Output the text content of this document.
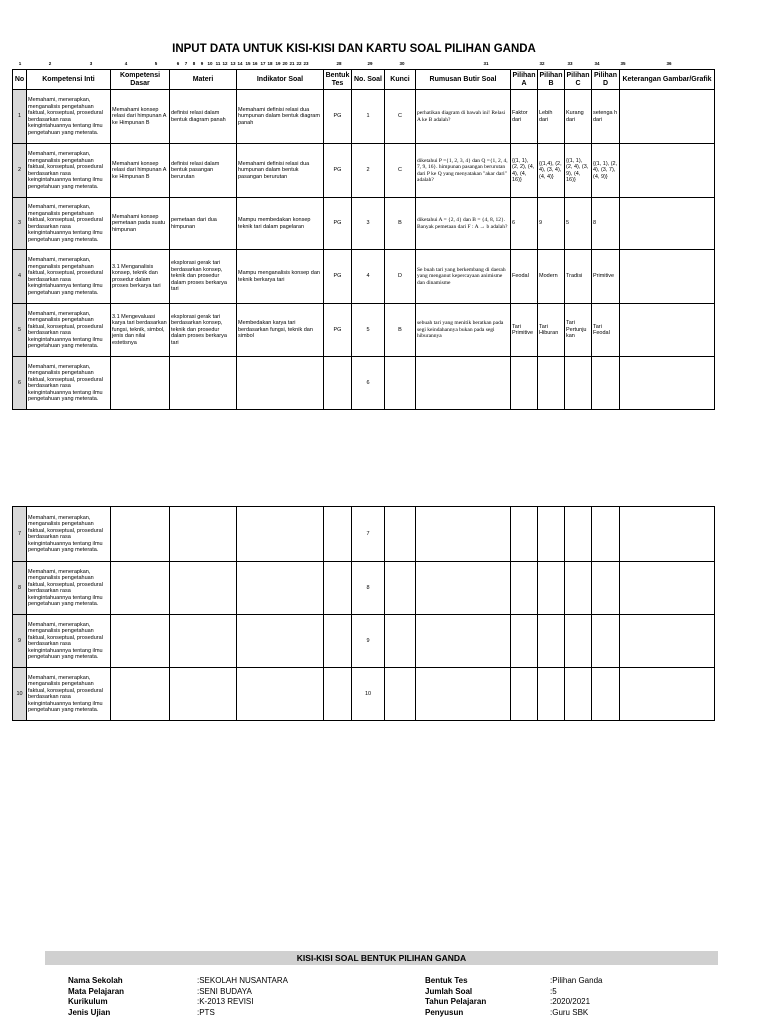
INPUT DATA UNTUK KISI-KISI DAN KARTU SOAL PILIHAN GANDA
1	2	3	4	5	6 7 8 9 10 11 12 13 14 15 16 17 18 19 20 21 22 23	28	29	30	31	32	33	34	35	36
No	Kompetensi Inti	Kompetensi Dasar	Materi	Indikator Soal	Bentuk Tes	No. Soal	Kunci	Rumusan Butir Soal	Pilihan A	Pilihan B	Pilihan C	Pilihan D	Keterangan Gambar/Grafik
1	Memahami, menerapkan, menganalisis pengetahuan faktual, konseptual, prosedural berdasarkan rasa keingintahuannya tentang ilmu pengetahuan yang meterata.	Memahami konsep relasi dari himpunan A ke Himpunan B	definisi relasi dalam bentuk diagram panah	Memahami definisi relasi dua humpunan dalam bentuk diagram panah	PG	1	C	perhatikan diagram di bawah ini! Relasi A ke B adalah?	Faktor dari	Lebih dari	Kurang dari	setenga h dari	
2	Memahami, menerapkan, menganalisis pengetahuan faktual, konseptual, prosedural berdasarkan rasa keingintahuannya tentang ilmu pengetahuan yang meterata.	Memahami konsep relasi dari himpunan A ke Himpunan B	definisi relasi dalam bentuk pasangan berurutan	Memahami definisi relasi dua humpunan dalam bentuk pasangan berurutan	PG	2	C	diketahui P ={1, 2, 3, 4} dan Q ={1, 2, 4, 7, 9, 16}. himpunan pasangan berurutan dari P ke Q yang menyatakan "akar dari" adalah?	{(1, 1), (2, 2), (4, 4), (4, 16)}	{(1,4), (2, 4), (3, 4), (4, 4)}	{(1, 1), (2, 4), (3, 9), (4, 16)}	{(1, 1), (2, 4), (3, 7), (4, 9)}	
3	Memahami, menerapkan, menganalisis pengetahuan faktual, konseptual, prosedural berdasarkan rasa keingintahuannya tentang ilmu pengetahuan yang meterata.	Memahami konsep pemetaan pada suatu himpunan	pemetaan dari dua himpunan	Mampu membedakan konsep teknik tari dalam pagelaran	PG	3	B	diketahui A = {2, 4} dan B = {4, 8, 12}. Banyak pemetaan dari F : A → b adalah?	6	9	5	8	
4	Memahami, menerapkan, menganalisis pengetahuan faktual, konseptual, prosedural berdasarkan rasa keingintahuannya tentang ilmu pengetahuan yang meterata.	3.1 Menganalisis konsep, teknik dan prosedur dalam proses berkarya tari	eksplorasi gerak tari berdasarkan konsep, teknik dan prosedur dalam proses berkarya tari	Mampu menganalisis konsep dan teknik berkarya tari	PG	4	D	Se buah tari yang berkembang di daerah yang menganut kepercayaan animisme dan dinamisme	Feodal	Modern	Tradisi	Primitive	
5	Memahami, menerapkan, menganalisis pengetahuan faktual, konseptual, prosedural berdasarkan rasa keingintahuannya tentang ilmu pengetahuan yang meterata.	3.1 Mengevaluasi karya tari berdasarkan fungsi, teknik, simbol, jenis dan nilai estetisnya	eksplorasi gerak tari berdasarkan konsep, teknik dan prosedur dalam proses berkarya tari	Membedakan karya tari berdasarkan fungsi, teknik dan simbol	PG	5	B	sebuah tari yang menitik beratkan pada segi keindahannya bukan pada segi hiburannya	Tari Primitive	Tari Hiburan	Tari Pertunju kan	Tari Feodal	
6	Memahami, menerapkan, menganalisis pengetahuan faktual, konseptual, prosedural berdasarkan rasa keingintahuannya tentang ilmu pengetahuan yang meterata.					6							
7	Memahami, menerapkan, menganalisis pengetahuan faktual, konseptual, prosedural berdasarkan rasa keingintahuannya tentang ilmu pengetahuan yang meterata.					7							
8	Memahami, menerapkan, menganalisis pengetahuan faktual, konseptual, prosedural berdasarkan rasa keingintahuannya tentang ilmu pengetahuan yang meterata.					8							
9	Memahami, menerapkan, menganalisis pengetahuan faktual, konseptual, prosedural berdasarkan rasa keingintahuannya tentang ilmu pengetahuan yang meterata.					9							
10	Memahami, menerapkan, menganalisis pengetahuan faktual, konseptual, prosedural berdasarkan rasa keingintahuannya tentang ilmu pengetahuan yang meterata.					10							
KISI-KISI SOAL BENTUK PILIHAN GANDA
Nama Sekolah	:SEKOLAH NUSANTARA
Mata Pelajaran	:SENI BUDAYA
Kurikulum	:K-2013 REVISI
Jenis Ujian	:PTS
Bentuk Tes	:Pilihan Ganda
Jumlah Soal	:5
Tahun Pelajaran	:2020/2021
Penyusun	:Guru SBK
